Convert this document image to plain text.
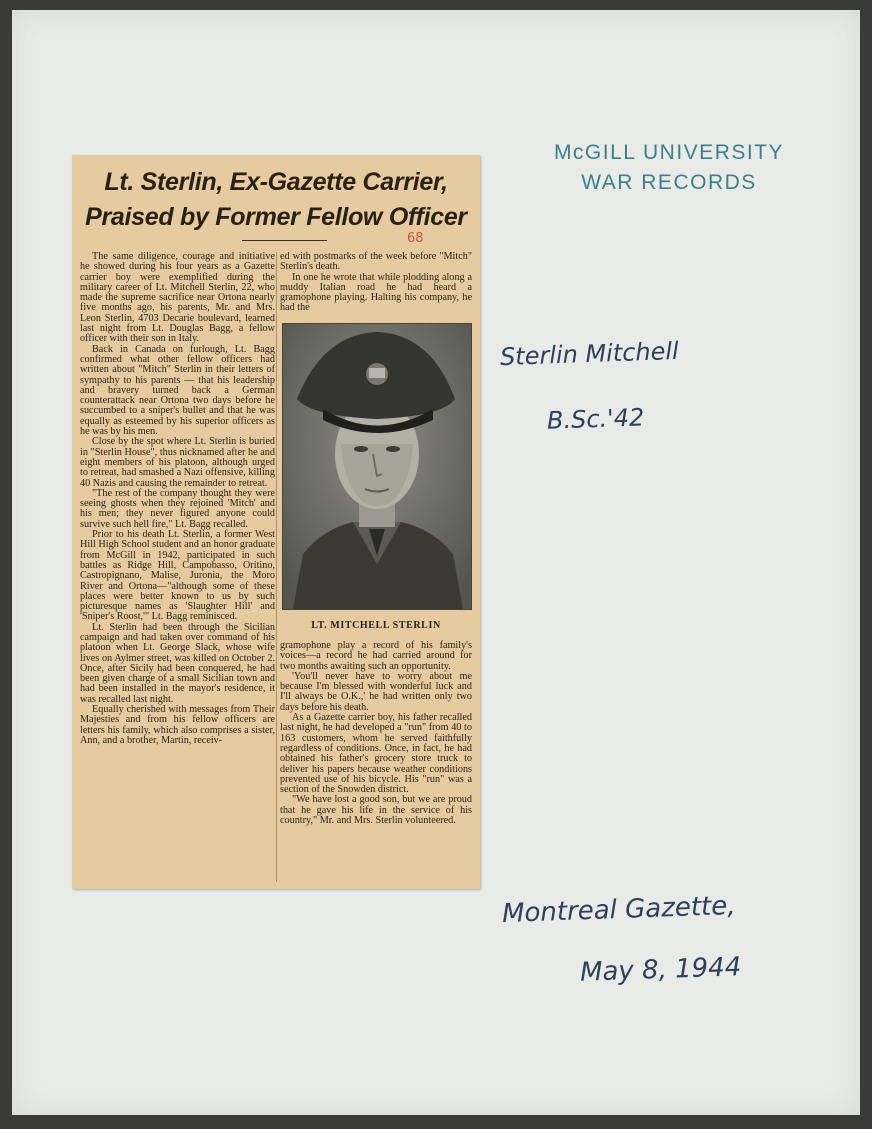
McGILL UNIVERSITY
WAR RECORDS
Sterlin Mitchell
B.Sc.'42
Montreal Gazette,
May 8, 1944
Lt. Sterlin, Ex-Gazette Carrier,
Praised by Former Fellow Officer
68

The same diligence, courage and initiative he showed during his four years as a Gazette carrier boy were exemplified during the military career of Lt. Mitchell Sterlin, 22, who made the supreme sacrifice near Ortona nearly five months ago, his parents, Mr. and Mrs. Leon Sterlin, 4703 Decarie boulevard, learned last night from Lt. Douglas Bagg, a fellow officer with their son in Italy.

Back in Canada on furlough, Lt. Bagg confirmed what other fellow officers had written about "Mitch" Sterlin in their letters of sympathy to his parents — that his leadership and bravery turned back a German counterattack near Ortona two days before he succumbed to a sniper's bullet and that he was equally as esteemed by his superior officers as he was by his men.

Close by the spot where Lt. Sterlin is buried in "Sterlin House", thus nicknamed after he and eight members of his platoon, although urged to retreat, had smashed a Nazi offensive, killing 40 Nazis and causing the remainder to retreat.

"The rest of the company thought they were seeing ghosts when they rejoined 'Mitch' and his men; they never figured anyone could survive such hell fire," Lt. Bagg recalled.

Prior to his death Lt. Sterlin, a former West Hill High School student and an honor graduate from McGill in 1942, participated in such battles as Ridge Hill, Campobasso, Oritino, Castropignano, Malise, Juronia, the Moro River and Ortona—"although some of these places were better known to us by such picturesque names as 'Slaughter Hill' and 'Sniper's Roost,'" Lt. Bagg reminisced.

Lt. Sterlin had been through the Sicilian campaign and had taken over command of his platoon when Lt. George Slack, whose wife lives on Aylmer street, was killed on October 2. Once, after Sicily had been conquered, he had been given charge of a small Sicilian town and had been installed in the mayor's residence, it was recalled last night.

Equally cherished with messages from Their Majesties and from his fellow officers are letters his family, which also comprises a sister, Ann, and a brother, Martin, receiv-

ed with postmarks of the week before "Mitch" Sterlin's death.

In one he wrote that while plodding along a muddy Italian road he had heard a gramophone playing. Halting his company, he had the

LT. MITCHELL STERLIN

gramophone play a record of his family's voices—a record he had carried around for two months awaiting such an opportunity.

'You'll never have to worry about me because I'm blessed with wonderful luck and I'll always be O.K.,' he had written only two days before his death.

As a Gazette carrier boy, his father recalled last night, he had developed a "run" from 40 to 163 customers, whom he served faithfully regardless of conditions. Once, in fact, he had obtained his father's grocery store truck to deliver his papers because weather conditions prevented use of his bicycle. His "run" was a section of the Snowden district.

"We have lost a good son, but we are proud that he gave his life in the service of his country," Mr. and Mrs. Sterlin volunteered.
